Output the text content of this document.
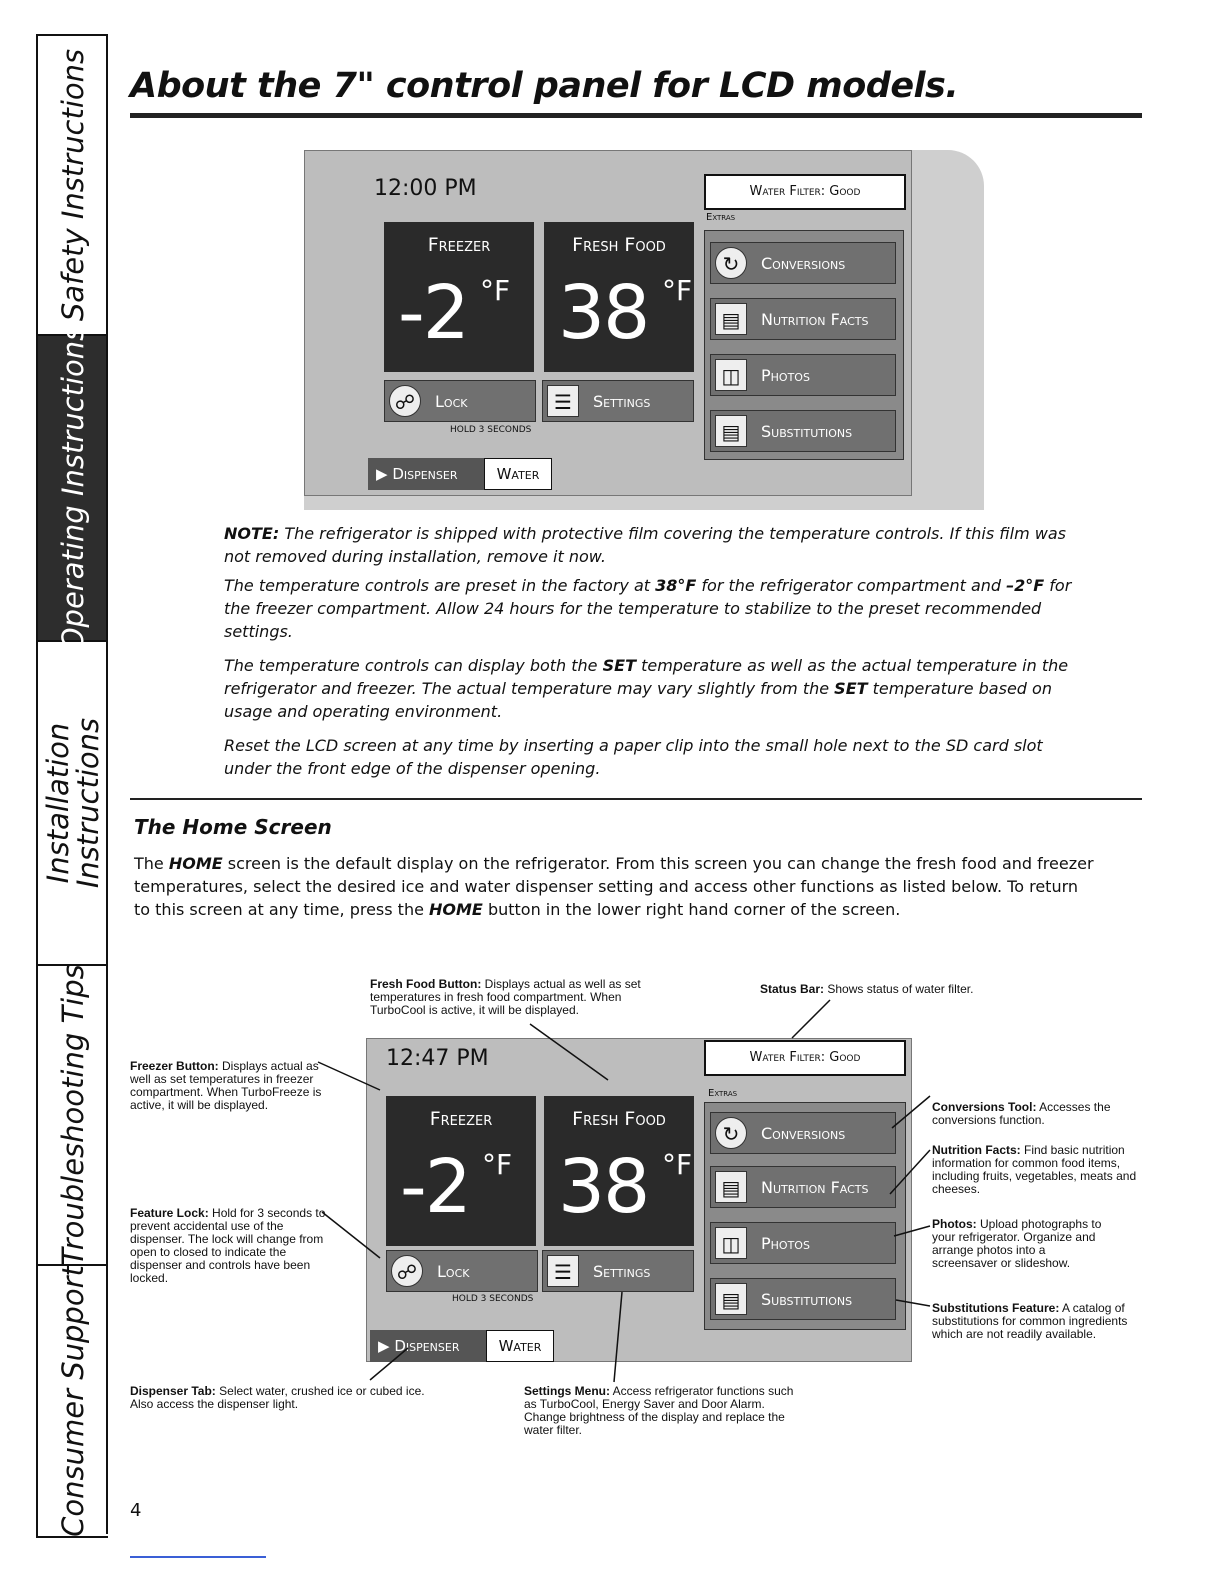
Safety Instructions
Operating Instructions
Installation
Instructions
Troubleshooting Tips
Consumer Support
About the 7" control panel for LCD models.
12:00 PM	Water Filter: Good
Freezer
-2 °F
Fresh Food
38 °F
☍	Lock
HOLD 3 SECONDS
☰	Settings
Extras
↻	Conversions
▤	Nutrition Facts
◫	Photos
▤	Substitutions
▶ Dispenser	Water
NOTE: The refrigerator is shipped with protective film covering the temperature controls. If this film was not removed during installation, remove it now.
The temperature controls are preset in the factory at 38°F for the refrigerator compartment and –2°F for the freezer compartment. Allow 24 hours for the temperature to stabilize to the preset recommended settings.
The temperature controls can display both the SET temperature as well as the actual temperature in the refrigerator and freezer. The actual temperature may vary slightly from the SET temperature based on usage and operating environment.
Reset the LCD screen at any time by inserting a paper clip into the small hole next to the SD card slot under the front edge of the dispenser opening.
The Home Screen
The HOME screen is the default display on the refrigerator. From this screen you can change the fresh food and freezer temperatures, select the desired ice and water dispenser setting and access other functions as listed below. To return to this screen at any time, press the HOME button in the lower right hand corner of the screen.
12:47 PM	Water Filter: Good
Freezer
-2 °F
Fresh Food
38 °F
☍	Lock
HOLD 3 SECONDS
☰	Settings
Extras
↻	Conversions
▤	Nutrition Facts
◫	Photos
▤	Substitutions
▶ Dispenser	Water
Fresh Food Button: Displays actual as well as set temperatures in fresh food compartment. When TurboCool is active, it will be displayed.
Status Bar: Shows status of water filter.
Freezer Button: Displays actual as well as set temperatures in freezer compartment. When TurboFreeze is active, it will be displayed.
Feature Lock: Hold for 3 seconds to prevent accidental use of the dispenser. The lock will change from open to closed to indicate the dispenser and controls have been locked.
Conversions Tool: Accesses the conversions function.
Nutrition Facts: Find basic nutrition information for common food items, including fruits, vegetables, meats and cheeses.
Photos: Upload photographs to your refrigerator. Organize and arrange photos into a screensaver or slideshow.
Substitutions Feature: A catalog of substitutions for common ingredients which are not readily available.
Dispenser Tab: Select water, crushed ice or cubed ice. Also access the dispenser light.
Settings Menu: Access refrigerator functions such as TurboCool, Energy Saver and Door Alarm. Change brightness of the display and replace the water filter.
4
